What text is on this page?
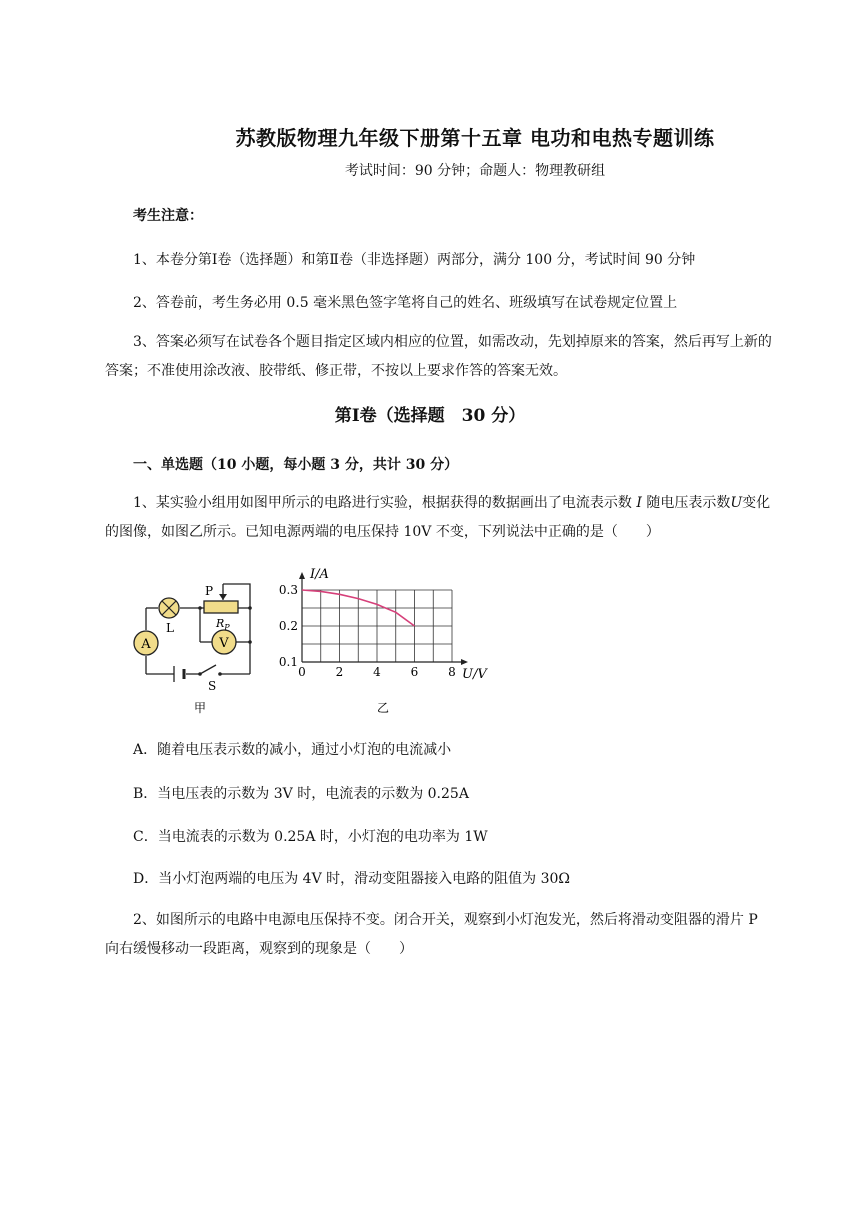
苏教版物理九年级下册第十五章 电功和电热专题训练
考试时间：90 分钟；命题人：物理教研组
考生注意：
1、本卷分第Ⅰ卷（选择题）和第Ⅱ卷（非选择题）两部分，满分 100 分，考试时间 90 分钟
2、答卷前，考生务必用 0.5 毫米黑色签字笔将自己的姓名、班级填写在试卷规定位置上
3、答案必须写在试卷各个题目指定区域内相应的位置，如需改动，先划掉原来的答案，然后再写上新的答案；不准使用涂改液、胶带纸、修正带，不按以上要求作答的答案无效。
第Ⅰ卷（选择题　30 分）
一、单选题（10 小题，每小题 3 分，共计 30 分）
1、某实验小组用如图甲所示的电路进行实验，根据获得的数据画出了电流表示数 I 随电压表示数U变化的图像，如图乙所示。已知电源两端的电压保持 10V 不变，下列说法中正确的是（　　）
A	V
P
$R_P$
L
S
甲
0 2 4 6 8
0.1
0.2
0.3
U/V
I/A
乙
A．随着电压表示数的减小，通过小灯泡的电流减小
B．当电压表的示数为 3V 时，电流表的示数为 0.25A
C．当电流表的示数为 0.25A 时，小灯泡的电功率为 1W
D．当小灯泡两端的电压为 4V 时，滑动变阻器接入电路的阻值为 30Ω
2、如图所示的电路中电源电压保持不变。闭合开关，观察到小灯泡发光，然后将滑动变阻器的滑片 P 向右缓慢移动一段距离，观察到的现象是（　　）
